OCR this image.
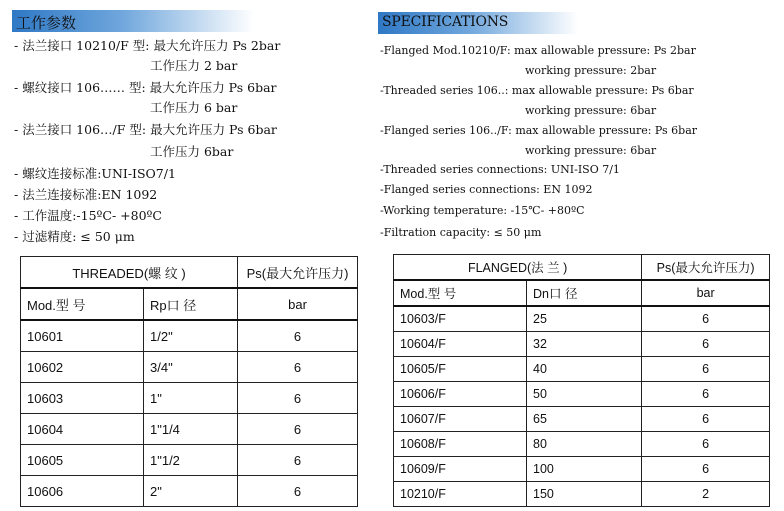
工作参数
- 法兰接口 10210/F 型: 最大允许压力 Ps 2bar
工作压力 2 bar
- 螺纹接口 106…… 型: 最大允许压力 Ps 6bar
工作压力 6 bar
- 法兰接口 106…/F 型: 最大允许压力 Ps 6bar
工作压力 6bar
- 螺纹连接标准:UNI-ISO7/1
- 法兰连接标准:EN 1092
- 工作温度:-15ºC- +80ºC
- 过滤精度: ≤ 50 μm
THREADED(螺 纹 )		Ps(最大允许压力)
Mod.型 号	Rp口 径	bar
10601	1/2"	6
10602	3/4"	6
10603	1"	6
10604	1"1/4	6
10605	1"1/2	6
10606	2"	6
SPECIFICATIONS
-Flanged Mod.10210/F: max allowable pressure: Ps 2bar
working pressure: 2bar
-Threaded series 106..: max allowable pressure: Ps 6bar
working pressure: 6bar
-Flanged series 106../F: max allowable pressure: Ps 6bar
working pressure: 6bar
-Threaded series connections: UNI-ISO 7/1
-Flanged series connections: EN 1092
-Working temperature: -15℃- +80ºC
-Filtration capacity: ≤ 50 μm
FLANGED(法 兰 )		Ps(最大允许压力)
Mod.型 号	Dn口 径	bar
10603/F	25	6
10604/F	32	6
10605/F	40	6
10606/F	50	6
10607/F	65	6
10608/F	80	6
10609/F	100	6
10210/F	150	2
